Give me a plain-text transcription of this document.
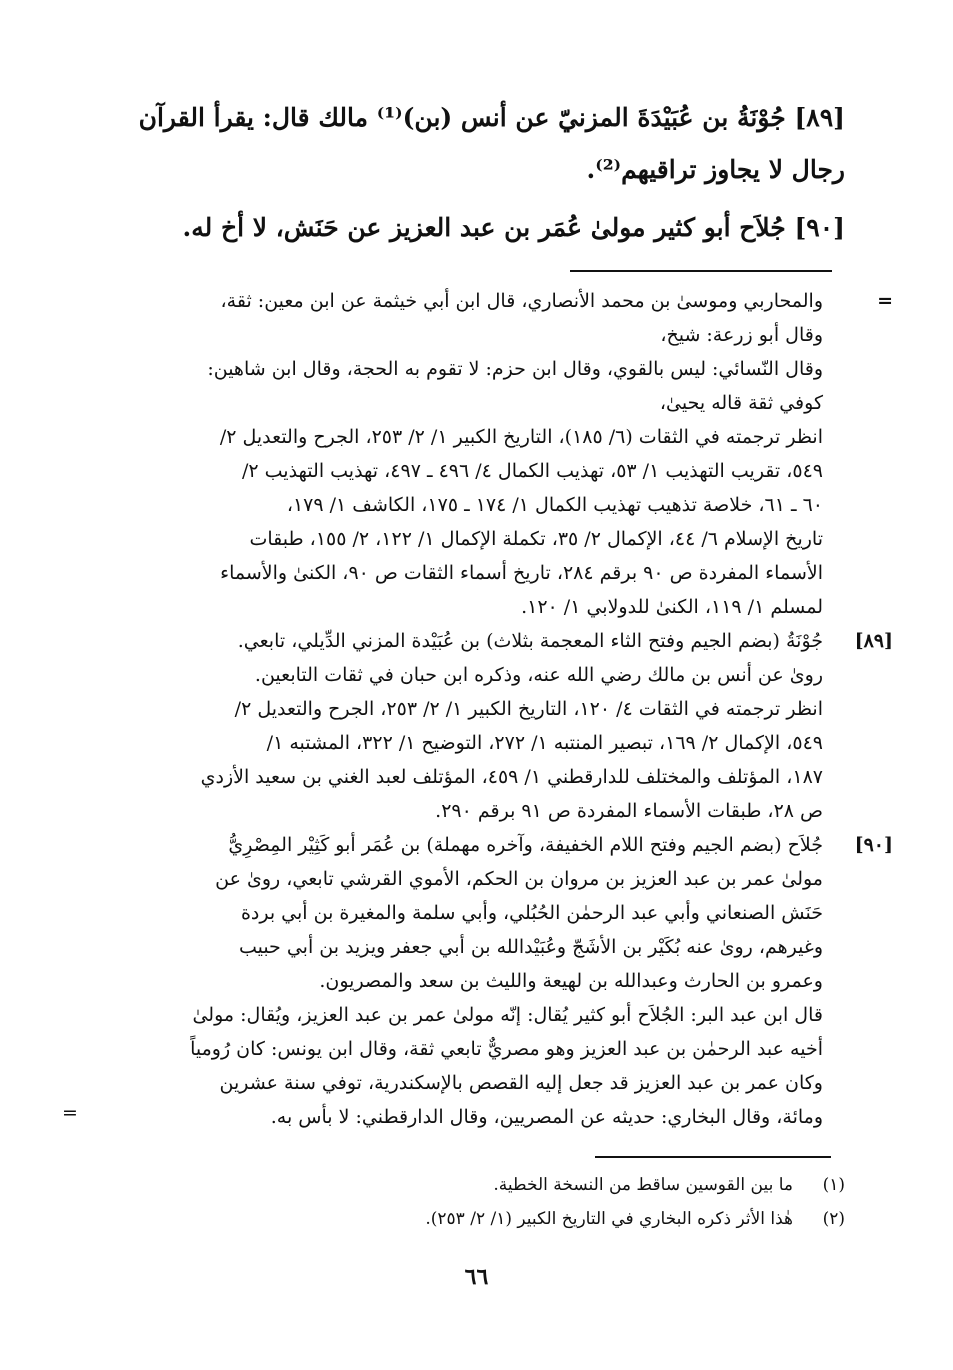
[٨٩] جُوْنَةُ بن عُبَيْدَةَ المزنيّ عن أنس (بن)⁽¹⁾ مالك قال: يقرأ القرآن
رجال لا يجاوز تراقيهم⁽²⁾.

[٩٠] جُلاَح أبو كثير مولىٰ عُمَر بن عبد العزيز عن حَنَش، لا أخ له.

=

والمحاربي وموسىٰ بن محمد الأنصاري، قال ابن أبي خيثمة عن ابن معين: ثقة،

وقال أبو زرعة: شيخ،

وقال النّسائي: ليس بالقوي، وقال ابن حزم: لا تقوم به الحجة، وقال ابن شاهين:

كوفي ثقة قاله يحيىٰ،

انظر ترجمته في الثقات (٦/ ١٨٥)، التاريخ الكبير ١/ ٢/ ٢٥٣، الجرح والتعديل ٢/

٥٤٩، تقريب التهذيب ١/ ٥٣، تهذيب الكمال ٤/ ٤٩٦ ـ ٤٩٧، تهذيب التهذيب ٢/

٦٠ ـ ٦١، خلاصة تذهيب تهذيب الكمال ١/ ١٧٤ ـ ١٧٥، الكاشف ١/ ١٧٩،

تاريخ الإسلام ٦/ ٤٤، الإكمال ٢/ ٣٥، تكملة الإكمال ١/ ١٢٢، ٢/ ١٥٥، طبقات

الأسماء المفردة ص ٩٠ برقم ٢٨٤، تاريخ أسماء الثقات ص ٩٠، الكنىٰ والأسماء

لمسلم ١/ ١١٩، الكنىٰ للدولابي ١/ ١٢٠.

[٨٩]

جُوْنَةُ (بضم الجيم وفتح الثاء المعجمة بثلاث) بن عُبَيْدة المزني الدِّيلي، تابعي.

روىٰ عن أنس بن مالك رضي الله عنه، وذكره ابن حبان في ثقات التابعين.

انظر ترجمته في الثقات ٤/ ١٢٠، التاريخ الكبير ١/ ٢/ ٢٥٣، الجرح والتعديل ٢/

٥٤٩، الإكمال ٢/ ١٦٩، تبصير المنتبه ١/ ٢٧٢، التوضيح ١/ ٣٢٢، المشتبه ١/

١٨٧، المؤتلف والمختلف للدارقطني ١/ ٤٥٩، المؤتلف لعبد الغني بن سعيد الأزدي

ص ٢٨، طبقات الأسماء المفردة ص ٩١ برقم ٢٩٠.

[٩٠]

جُلاَح (بضم الجيم وفتح اللام الخفيفة، وآخره مهملة) بن عُمَر أبو كَثِيْر المِصْرِيُّ

مولىٰ عمر بن عبد العزيز بن مروان بن الحكم، الأموي القرشي تابعي، روىٰ عن

حَنَش الصنعاني وأبي عبد الرحمٰن الحُبُلي، وأبي سلمة والمغيرة بن أبي بردة

وغيرهم، روىٰ عنه بُكَيْر بن الأشَجّ وعُبَيْدالله بن أبي جعفر ويزيد بن أبي حبيب

وعمرو بن الحارث وعبدالله بن لهيعة والليث بن سعد والمصريون.

قال ابن عبد البر: الجُلاَح أبو كثير يُقال: إنّه مولىٰ عمر بن عبد العزيز، ويُقال: مولىٰ

أخيه عبد الرحمٰن بن عبد العزيز وهو مصريٌّ تابعي ثقة، وقال ابن يونس: كان رُومياً

وكان عمر بن عبد العزيز قد جعل إليه القصص بالإسكندرية، توفي سنة عشرين

ومائة، وقال البخاري: حديثه عن المصريين، وقال الدارقطني: لا بأس به.

=
(١)
ما بين القوسين ساقط من النسخة الخطية.
(٢)
هٰذا الأثر ذكره البخاري في التاريخ الكبير (١/ ٢/ ٢٥٣).
٦٦
